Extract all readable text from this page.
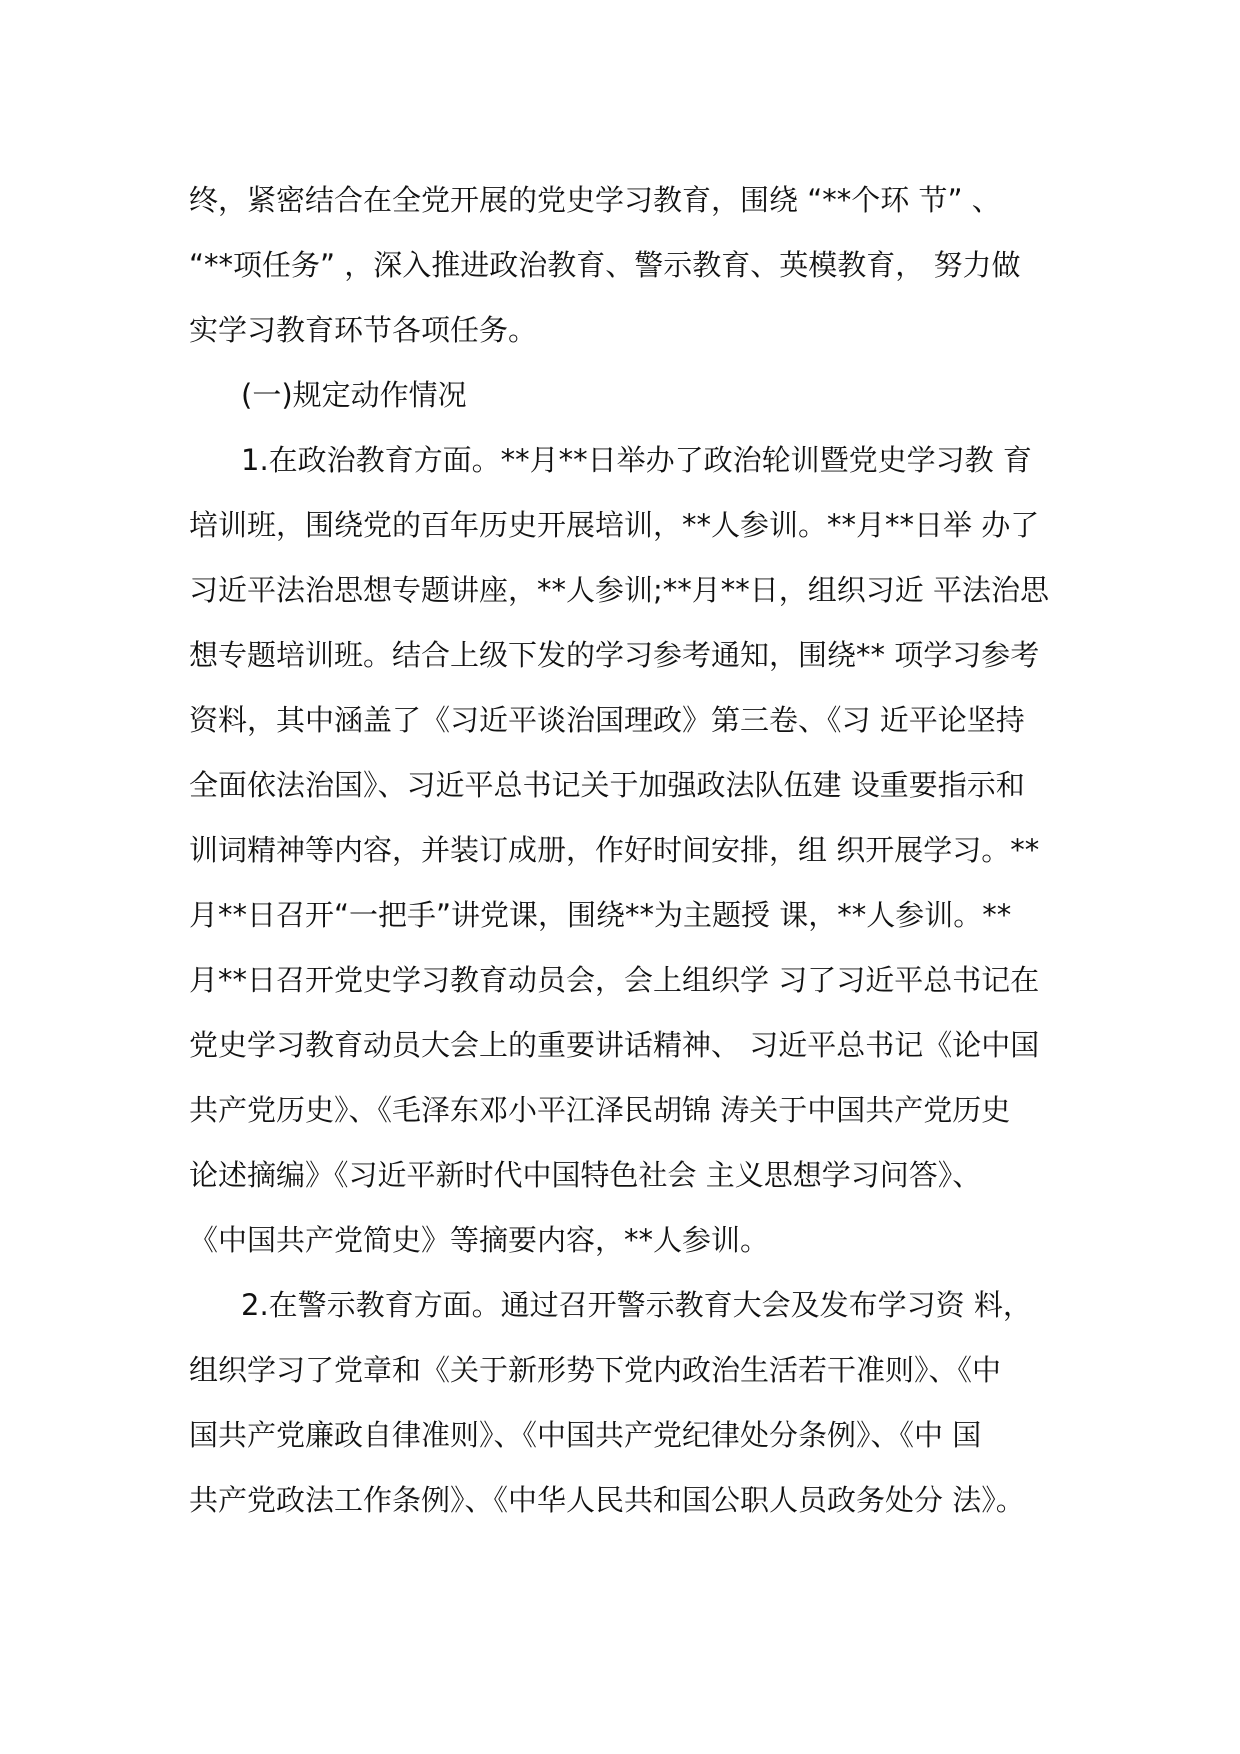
终，紧密结合在全党开展的党史学习教育，围绕 “**个环 节” 、
“**项任务” ，深入推进政治教育、警示教育、英模教育， 努力做
实学习教育环节各项任务。
(一)规定动作情况
1.在政治教育方面。**月**日举办了政治轮训暨党史学习教 育
培训班，围绕党的百年历史开展培训，**人参训。**月**日举 办了
习近平法治思想专题讲座，**人参训;**月**日，组织习近 平法治思
想专题培训班。结合上级下发的学习参考通知，围绕** 项学习参考
资料，其中涵盖了《习近平谈治国理政》第三卷、《习 近平论坚持
全面依法治国》、习近平总书记关于加强政法队伍建 设重要指示和
训词精神等内容，并装订成册，作好时间安排，组 织开展学习。**
月**日召开“一把手”讲党课，围绕**为主题授 课，**人参训。**
月**日召开党史学习教育动员会，会上组织学 习了习近平总书记在
党史学习教育动员大会上的重要讲话精神、 习近平总书记《论中国
共产党历史》、《毛泽东邓小平江泽民胡锦 涛关于中国共产党历史
论述摘编》《习近平新时代中国特色社会 主义思想学习问答》、
《中国共产党简史》等摘要内容，**人参训。
2.在警示教育方面。通过召开警示教育大会及发布学习资 料，
组织学习了党章和《关于新形势下党内政治生活若干准则》、《中
国共产党廉政自律准则》、《中国共产党纪律处分条例》、《中 国
共产党政法工作条例》、《中华人民共和国公职人员政务处分 法》。
